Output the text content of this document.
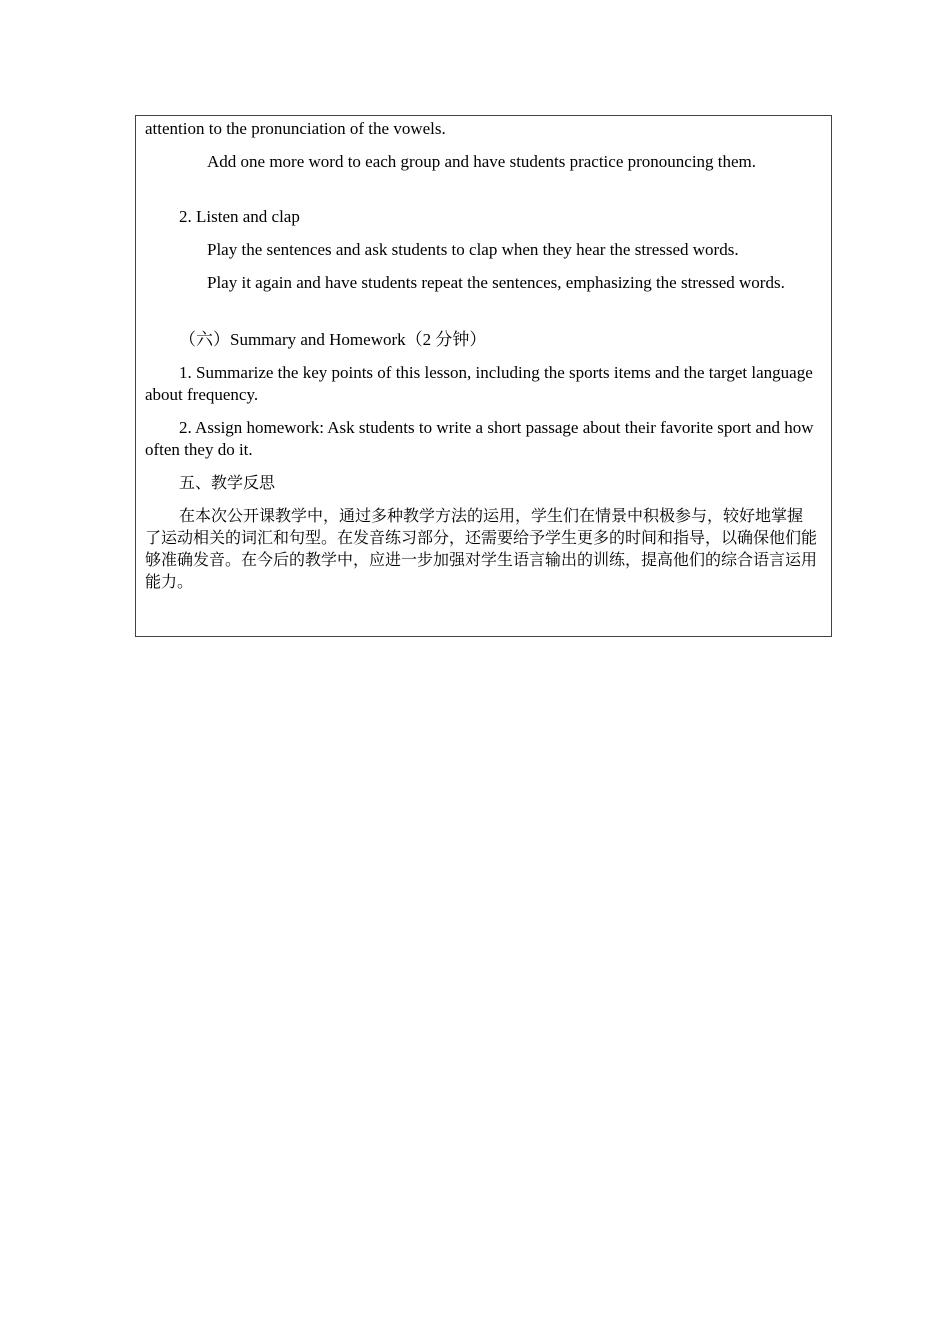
attention to the pronunciation of the vowels.

Add one more word to each group and have students practice pronouncing them.

2. Listen and clap

Play the sentences and ask students to clap when they hear the stressed words.

Play it again and have students repeat the sentences, emphasizing the stressed words.

（六）Summary and Homework（2 分钟）

1. Summarize the key points of this lesson, including the sports items and the target language about frequency.

2. Assign homework: Ask students to write a short passage about their favorite sport and how often they do it.

五、教学反思

在本次公开课教学中，通过多种教学方法的运用，学生们在情景中积极参与，较好地掌握了运动相关的词汇和句型。在发音练习部分，还需要给予学生更多的时间和指导，以确保他们能够准确发音。在今后的教学中，应进一步加强对学生语言输出的训练，提高他们的综合语言运用能力。
